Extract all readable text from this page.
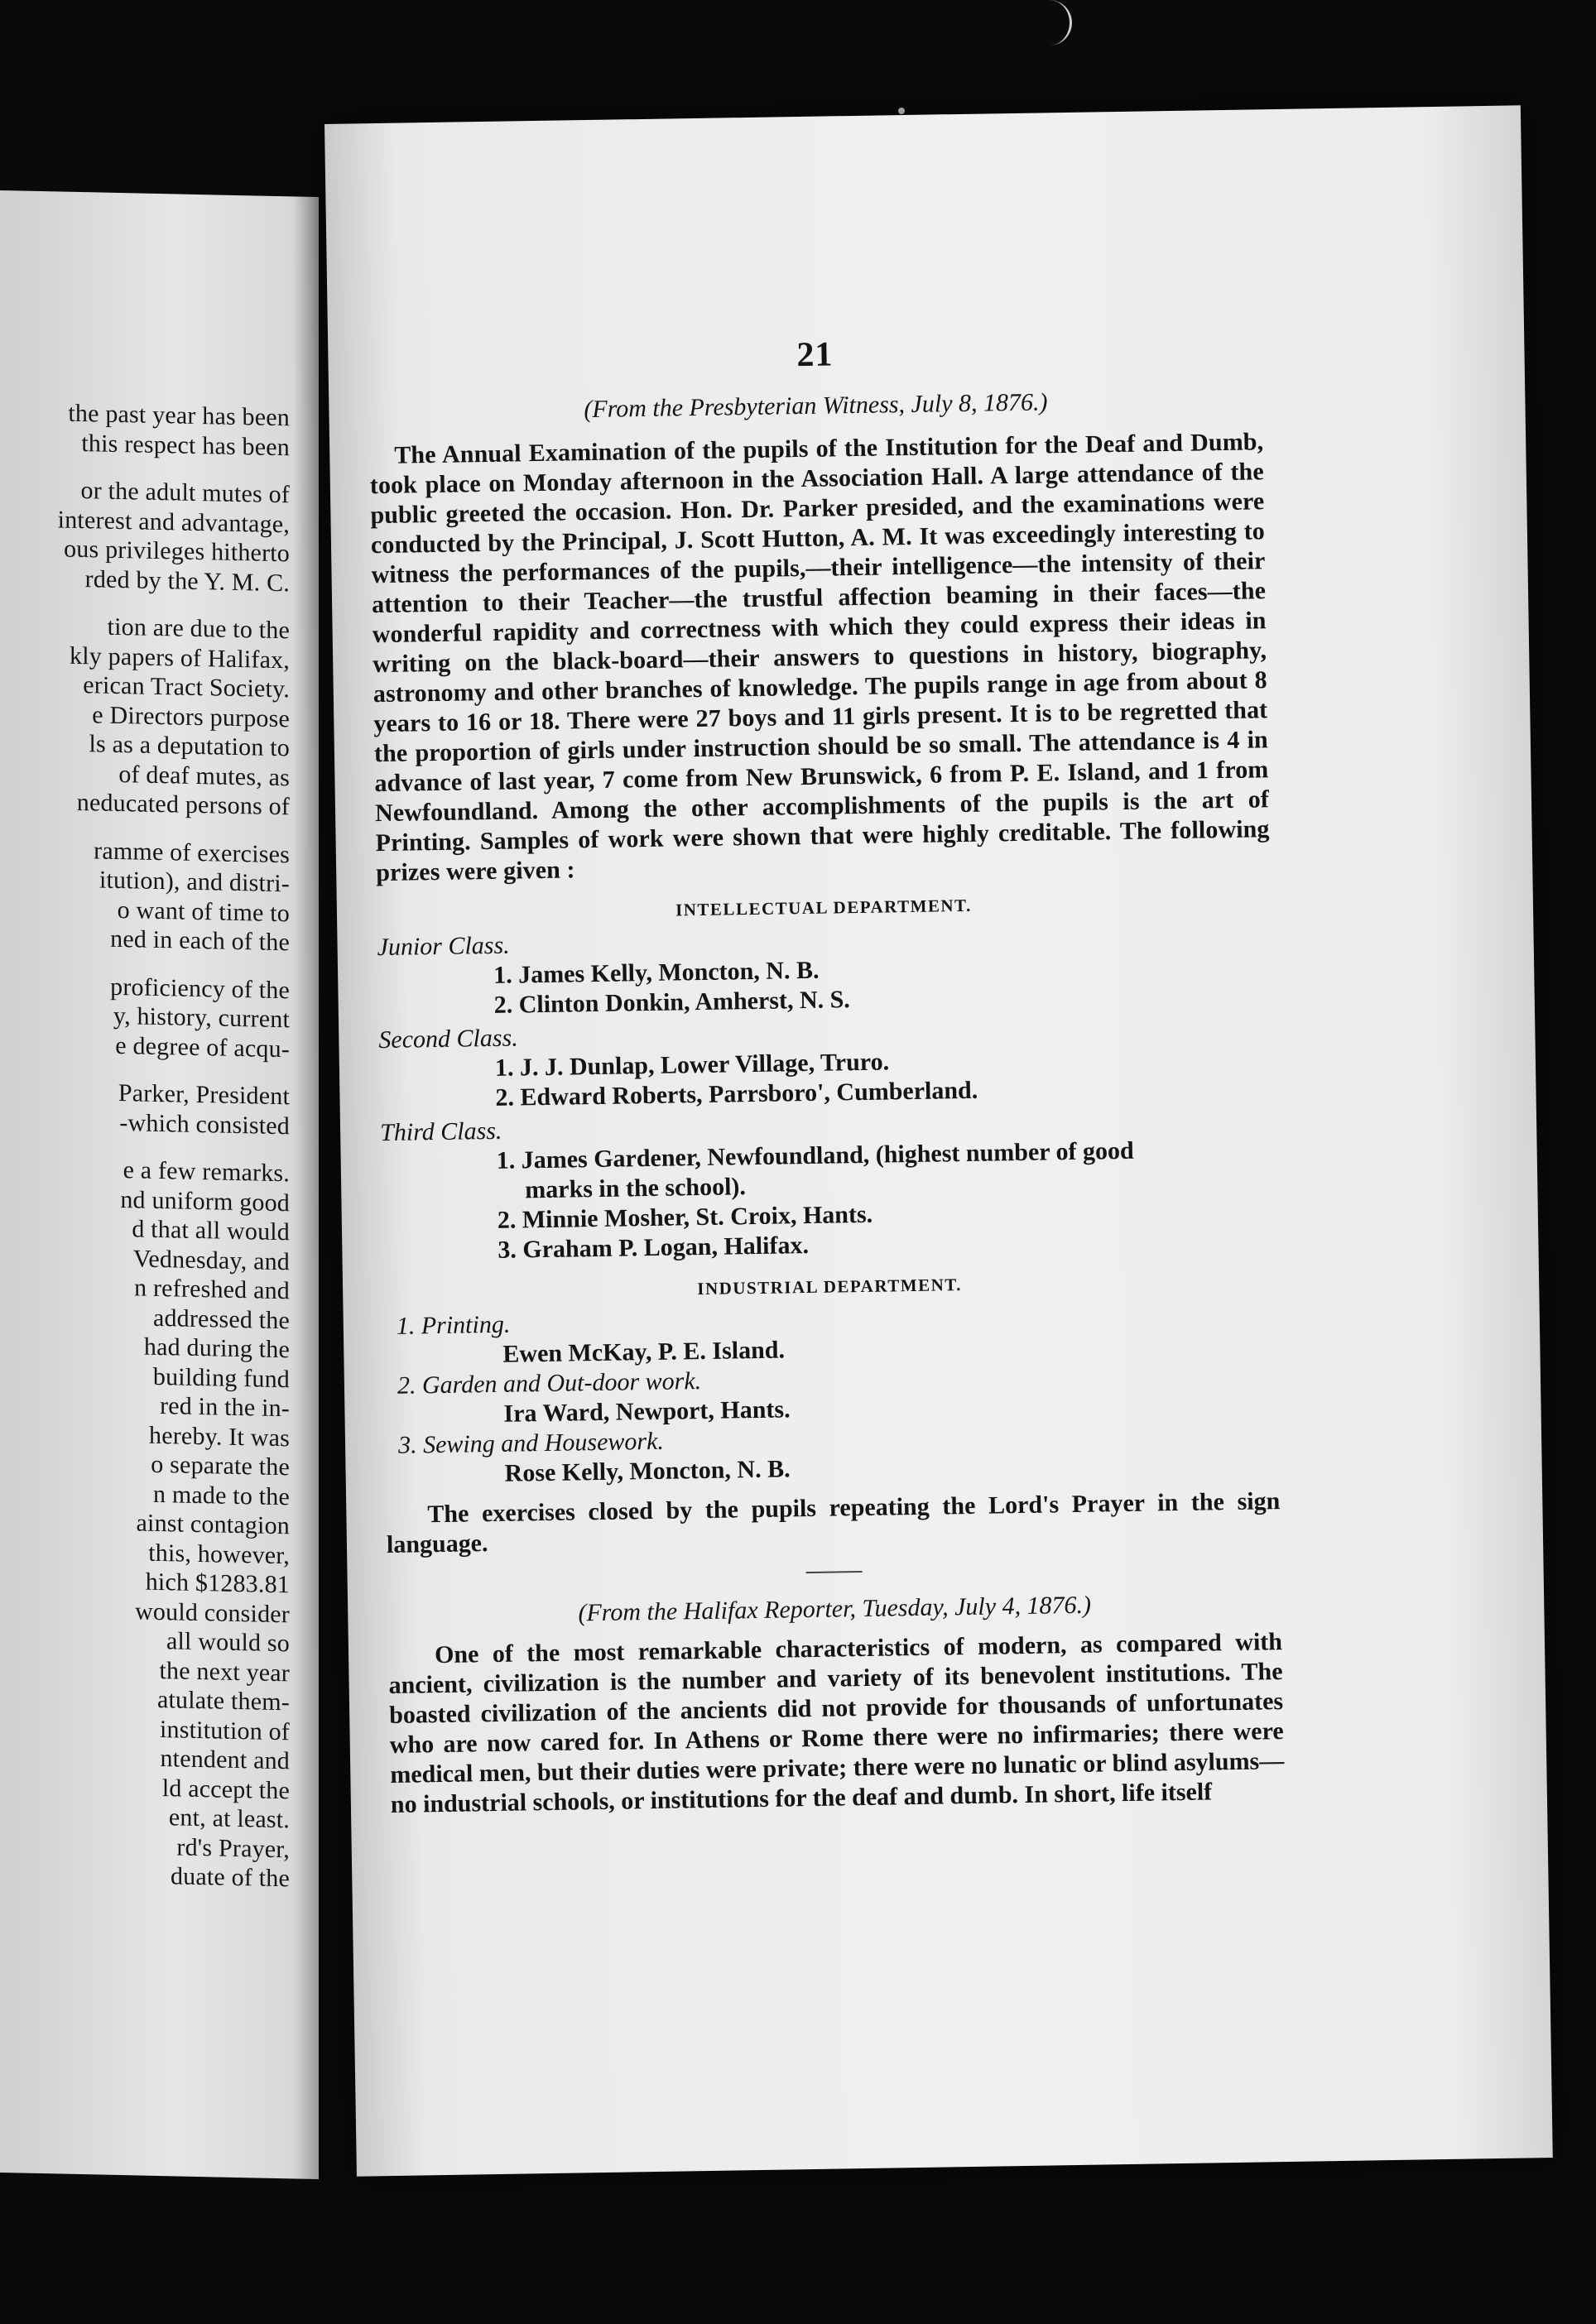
the past year has been
this respect has been
or the adult mutes of
interest and advantage,
ous privileges hitherto
rded by the Y. M. C.
tion are due to the
kly papers of Halifax,
erican Tract Society.
e Directors purpose
ls as a deputation to
of deaf mutes, as
neducated persons of
ramme of exercises
itution), and distri-
o want of time to
ned in each of the
proficiency of the
y, history, current
e degree of acqu-
Parker, President
-which consisted
e a few remarks.
nd uniform good
d that all would
Vednesday, and
n refreshed and
addressed the
had during the
building fund
red in the in-
hereby. It was
o separate the
n made to the
ainst contagion
this, however,
hich $1283.81
would consider
all would so
the next year
atulate them-
institution of
ntendent and
ld accept the
ent, at least.
rd's Prayer,
duate of the
21

(From the Presbyterian Witness, July 8, 1876.)

The Annual Examination of the pupils of the Institution for the Deaf and Dumb, took place on Monday afternoon in the Association Hall. A large attendance of the public greeted the occasion. Hon. Dr. Parker presided, and the examinations were conducted by the Principal, J. Scott Hutton, A. M. It was exceedingly interesting to witness the performances of the pupils,—their intelligence—the intensity of their attention to their Teacher—the trustful affection beaming in their faces—the wonderful rapidity and correctness with which they could express their ideas in writing on the black-board—their answers to questions in history, biography, astronomy and other branches of knowledge. The pupils range in age from about 8 years to 16 or 18. There were 27 boys and 11 girls present. It is to be regretted that the proportion of girls under instruction should be so small. The attendance is 4 in advance of last year, 7 come from New Brunswick, 6 from P. E. Island, and 1 from Newfoundland. Among the other accomplishments of the pupils is the art of Printing. Samples of work were shown that were highly creditable. The following prizes were given :

INTELLECTUAL DEPARTMENT.
Junior Class.
1. James Kelly, Moncton, N. B.
2. Clinton Donkin, Amherst, N. S.
Second Class.
1. J. J. Dunlap, Lower Village, Truro.
2. Edward Roberts, Parrsboro', Cumberland.
Third Class.
1. James Gardener, Newfoundland, (highest number of good
marks in the school).
2. Minnie Mosher, St. Croix, Hants.
3. Graham P. Logan, Halifax.
INDUSTRIAL DEPARTMENT.
1. Printing.
Ewen McKay, P. E. Island.
2. Garden and Out-door work.
Ira Ward, Newport, Hants.
3. Sewing and Housework.
Rose Kelly, Moncton, N. B.

The exercises closed by the pupils repeating the Lord's Prayer in the sign language.

(From the Halifax Reporter, Tuesday, July 4, 1876.)

One of the most remarkable characteristics of modern, as compared with ancient, civilization is the number and variety of its benevolent institutions. The boasted civilization of the ancients did not provide for thousands of unfortunates who are now cared for. In Athens or Rome there were no infirmaries; there were medical men, but their duties were private; there were no lunatic or blind asylums—no industrial schools, or institutions for the deaf and dumb. In short, life itself
